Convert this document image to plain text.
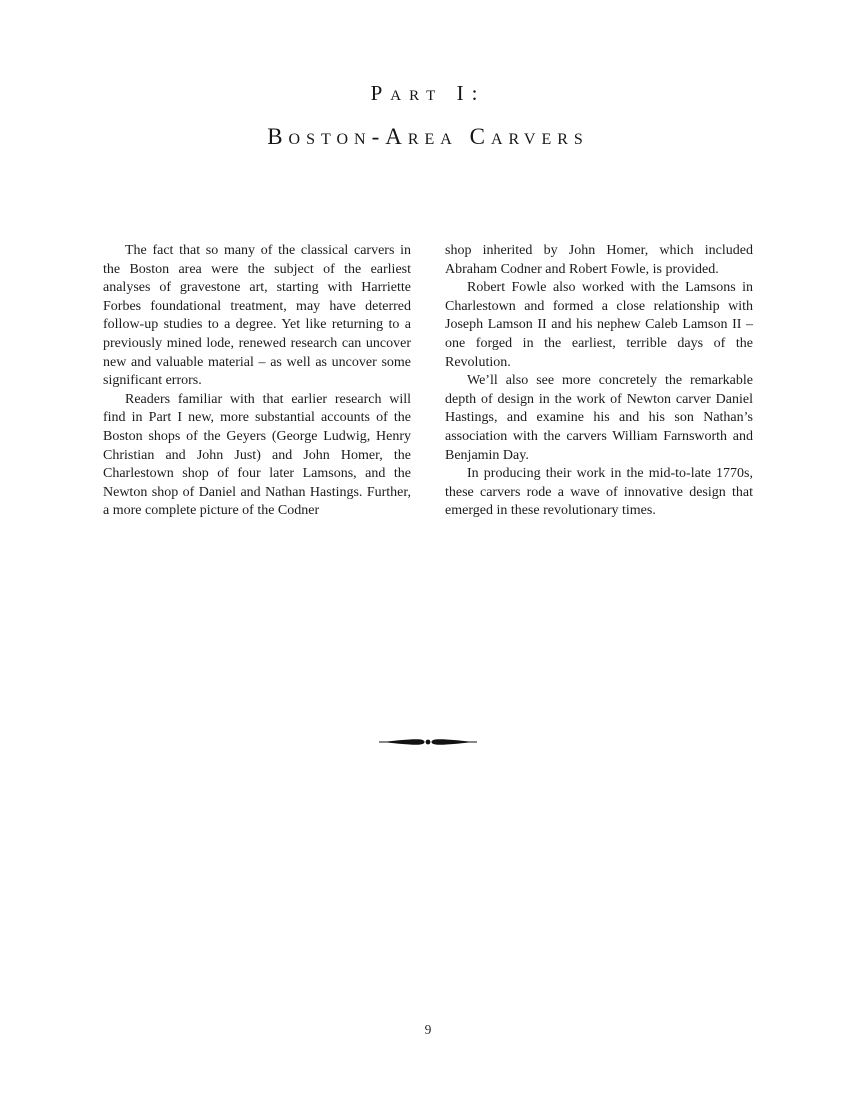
Part I:
Boston-Area Carvers

The fact that so many of the classical carvers in the Boston area were the subject of the earliest analyses of gravestone art, starting with Harriette Forbes foundational treatment, may have deterred follow-up studies to a degree. Yet like returning to a previously mined lode, renewed research can uncover new and valuable material – as well as uncover some significant errors.

Readers familiar with that earlier research will find in Part I new, more substantial accounts of the Boston shops of the Geyers (George Ludwig, Henry Christian and John Just) and John Homer, the Charlestown shop of four later Lamsons, and the Newton shop of Daniel and Nathan Hastings. Further, a more complete picture of the Codner

shop inherited by John Homer, which included Abraham Codner and Robert Fowle, is provided.

Robert Fowle also worked with the Lamsons in Charlestown and formed a close relationship with Joseph Lamson II and his nephew Caleb Lamson II – one forged in the earliest, terrible days of the Revolution.

We’ll also see more concretely the remarkable depth of design in the work of Newton carver Daniel Hastings, and examine his and his son Nathan’s association with the carvers William Farnsworth and Benjamin Day.

In producing their work in the mid-to-late 1770s, these carvers rode a wave of innovative design that emerged in these revolutionary times.

9
